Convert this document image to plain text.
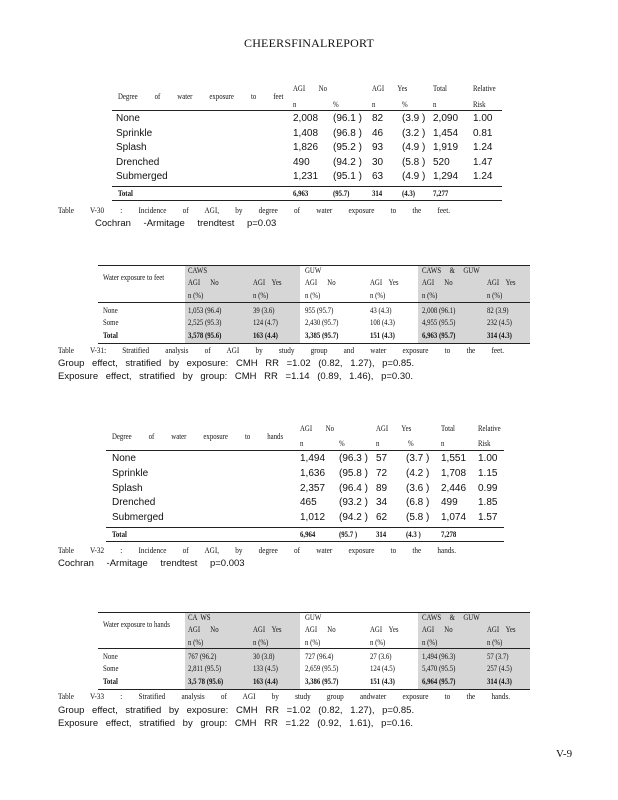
CHEERSFINALREPORT
Degree of water exposure to feet
AGI No	AGI Yes	Total	Relative
n	%	n	%	n	Risk
None	2,008 (96.1 ) 82 (3.9 ) 2,090 1.00
Sprinkle	1,408 (96.8 ) 46 (3.2 ) 1,454 0.81
Splash	1,826 (95.2 ) 93 (4.9 ) 1,919 1.24
Drenched	490 (94.2 ) 30 (5.8 ) 520 1.47
Submerged	1,231 (95.1 ) 63 (4.9 ) 1,294 1.24
Total	6,963	(95.7)	314 (4.3) 7,277
Table V-30 : Incidence of AGI, by degree of water exposure to the feet.
Cochran -Armitage trendtest p=0.03
Water exposure to feet
CAWS	GUW	CAWS & GUW
AGI No	AGI Yes	AGI No	AGI Yes	AGI No	AGI Yes
n (%)	n (%)	n (%)	n (%)	n (%)	n (%)
None	1,053 (96.4)	39 (3.6)	955 (95.7)	43 (4.3)	2,008 (96.1)	82 (3.9)
Some	2,525 (95.3)	124 (4.7)	2,430 (95.7)	108 (4.3)	4,955 (95.5)	232 (4.5)
Total	3,578 (95.6)	163 (4.4)	3,385 (95.7)	151 (4.3)	6,963 (95.7)	314 (4.3)
Table V-31: Stratified analysis of AGI by study group and water exposure to the feet.
Group effect, stratified by exposure: CMH RR =1.02 (0.82, 1.27), p=0.85.
Exposure effect, stratified by group: CMH RR =1.14 (0.89, 1.46), p=0.30.
Degree of water exposure to hands
AGI No	AGI Yes	Total	Relative
n	%	n	%	n	Risk
None	1,494 (96.3 ) 57 (3.7 ) 1,551 1.00
Sprinkle	1,636 (95.8 ) 72 (4.2 ) 1,708 1.15
Splash	2,357 (96.4 ) 89 (3.6 ) 2,446 0.99
Drenched	465 (93.2 ) 34 (6.8 ) 499 1.85
Submerged	1,012 (94.2 ) 62 (5.8 ) 1,074 1.57
Total	6,964	(95.7 ) 314 (4.3 )	7,278
Table V-32 : Incidence of AGI, by degree of water exposure to the hands.
Cochran -Armitage trendtest p=0.003
Water exposure to hands
CA WS	GUW	CAWS & GUW
AGI No	AGI Yes	AGI No	AGI Yes	AGI No	AGI Yes
n (%)	n (%)	n (%)	n (%)	n (%)	n (%)
None	767 (96.2)	30 (3.8)	727 (96.4)	27 (3.6)	1,494 (96.3)	57 (3.7)
Some	2,811 (95.5)	133 (4.5)	2,659 (95.5)	124 (4.5)	5,470 (95.5)	257 (4.5)
Total	3,5 78 (95.6)	163 (4.4)	3,386 (95.7)	151 (4.3)	6,964 (95.7)	314 (4.3)
Table V-33 : Stratified analysis of AGI by study group andwater exposure to the hands.
Group effect, stratified by exposure: CMH RR =1.02 (0.82, 1.27), p=0.85.
Exposure effect, stratified by group: CMH RR =1.22 (0.92, 1.61), p=0.16.
V-9
